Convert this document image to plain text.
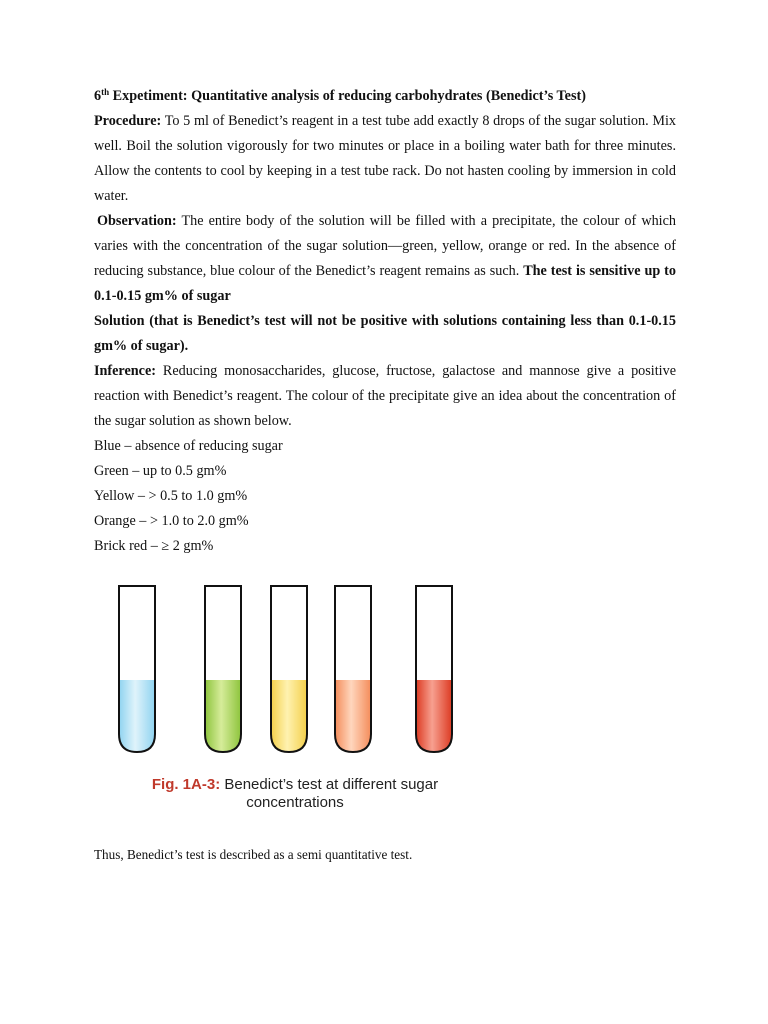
6th Expetiment: Quantitative analysis of reducing carbohydrates (Benedict’s Test)
Procedure: To 5 ml of Benedict’s reagent in a test tube add exactly 8 drops of the sugar solution. Mix well. Boil the solution vigorously for two minutes or place in a boiling water bath for three minutes. Allow the contents to cool by keeping in a test tube rack. Do not hasten cooling by immersion in cold water.
Observation: The entire body of the solution will be filled with a precipitate, the colour of which varies with the concentration of the sugar solution—green, yellow, orange or red. In the absence of reducing substance, blue colour of the Benedict’s reagent remains as such. The test is sensitive up to 0.1-0.15 gm% of sugar
Solution (that is Benedict’s test will not be positive with solutions containing less than 0.1-0.15 gm% of sugar).
Inference: Reducing monosaccharides, glucose, fructose, galactose and mannose give a positive reaction with Benedict’s reagent. The colour of the precipitate give an idea about the concentration of the sugar solution as shown below.
Blue – absence of reducing sugar
Green – up to 0.5 gm%
Yellow – > 0.5 to 1.0 gm%
Orange – > 1.0 to 2.0 gm%
Brick red – ≥ 2 gm%
Fig. 1A-3: Benedict’s test at different sugar concentrations
Thus, Benedict’s test is described as a semi quantitative test.
